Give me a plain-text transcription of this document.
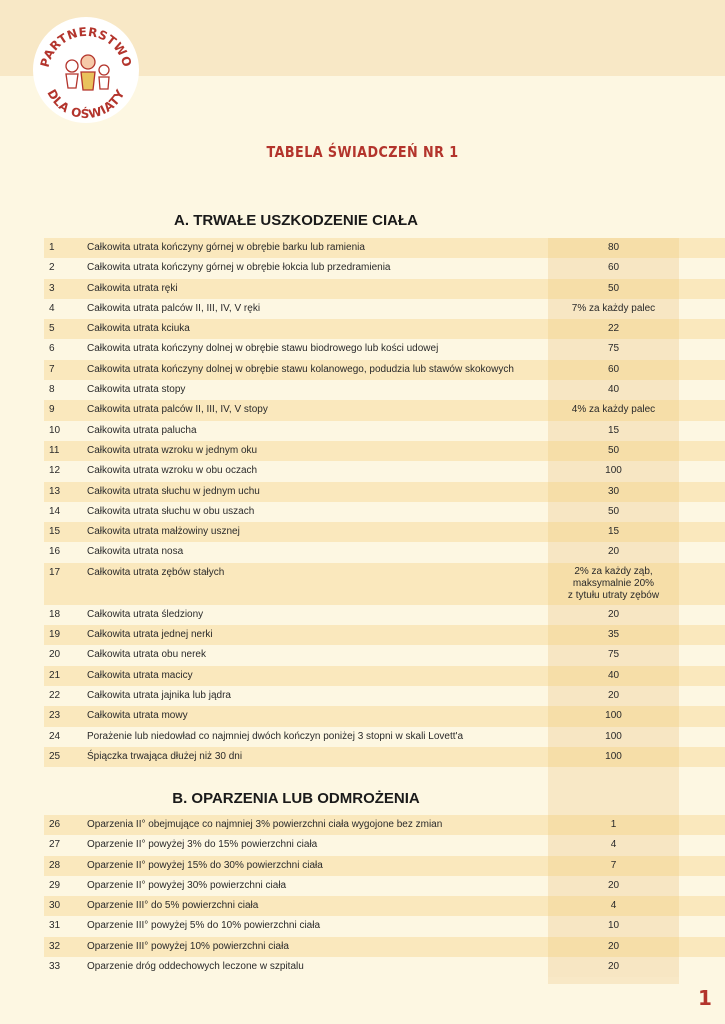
PARTNERSTWO
DLA OŚWIATY
TABELA ŚWIADCZEŃ NR 1
A. TRWAŁE USZKODZENIE CIAŁA
1	Całkowita utrata kończyny górnej w obrębie barku lub ramienia	80
2	Całkowita utrata kończyny górnej w obrębie łokcia lub przedramienia	60
3	Całkowita utrata ręki	50
4	Całkowita utrata palców II, III, IV, V ręki	7% za każdy palec
5	Całkowita utrata kciuka	22
6	Całkowita utrata kończyny dolnej w obrębie stawu biodrowego lub kości udowej	75
7	Całkowita utrata kończyny dolnej w obrębie stawu kolanowego, podudzia lub stawów skokowych	60
8	Całkowita utrata stopy	40
9	Całkowita utrata palców II, III, IV, V stopy	4% za każdy palec
10	Całkowita utrata palucha	15
11	Całkowita utrata wzroku w jednym oku	50
12	Całkowita utrata wzroku w obu oczach	100
13	Całkowita utrata słuchu w jednym uchu	30
14	Całkowita utrata słuchu w obu uszach	50
15	Całkowita utrata małżowiny usznej	15
16	Całkowita utrata nosa	20
17	Całkowita utrata zębów stałych	2% za każdy ząb,
maksymalnie 20%
z tytułu utraty zębów
18	Całkowita utrata śledziony	20
19	Całkowita utrata jednej nerki	35
20	Całkowita utrata obu nerek	75
21	Całkowita utrata macicy	40
22	Całkowita utrata jajnika lub jądra	20
23	Całkowita utrata mowy	100
24	Porażenie lub niedowład co najmniej dwóch kończyn poniżej 3 stopni w skali Lovett'a	100
25	Śpiączka trwająca dłużej niż 30 dni	100
B. OPARZENIA LUB ODMROŻENIA
26	Oparzenia II° obejmujące co najmniej 3% powierzchni ciała wygojone bez zmian	1
27	Oparzenie II° powyżej 3% do 15% powierzchni ciała	4
28	Oparzenie II° powyżej 15% do 30% powierzchni ciała	7
29	Oparzenie II° powyżej 30% powierzchni ciała	20
30	Oparzenie III° do 5% powierzchni ciała	4
31	Oparzenie III° powyżej 5% do 10% powierzchni ciała	10
32	Oparzenie III° powyżej 10% powierzchni ciała	20
33	Oparzenie dróg oddechowych leczone w szpitalu	20
1
